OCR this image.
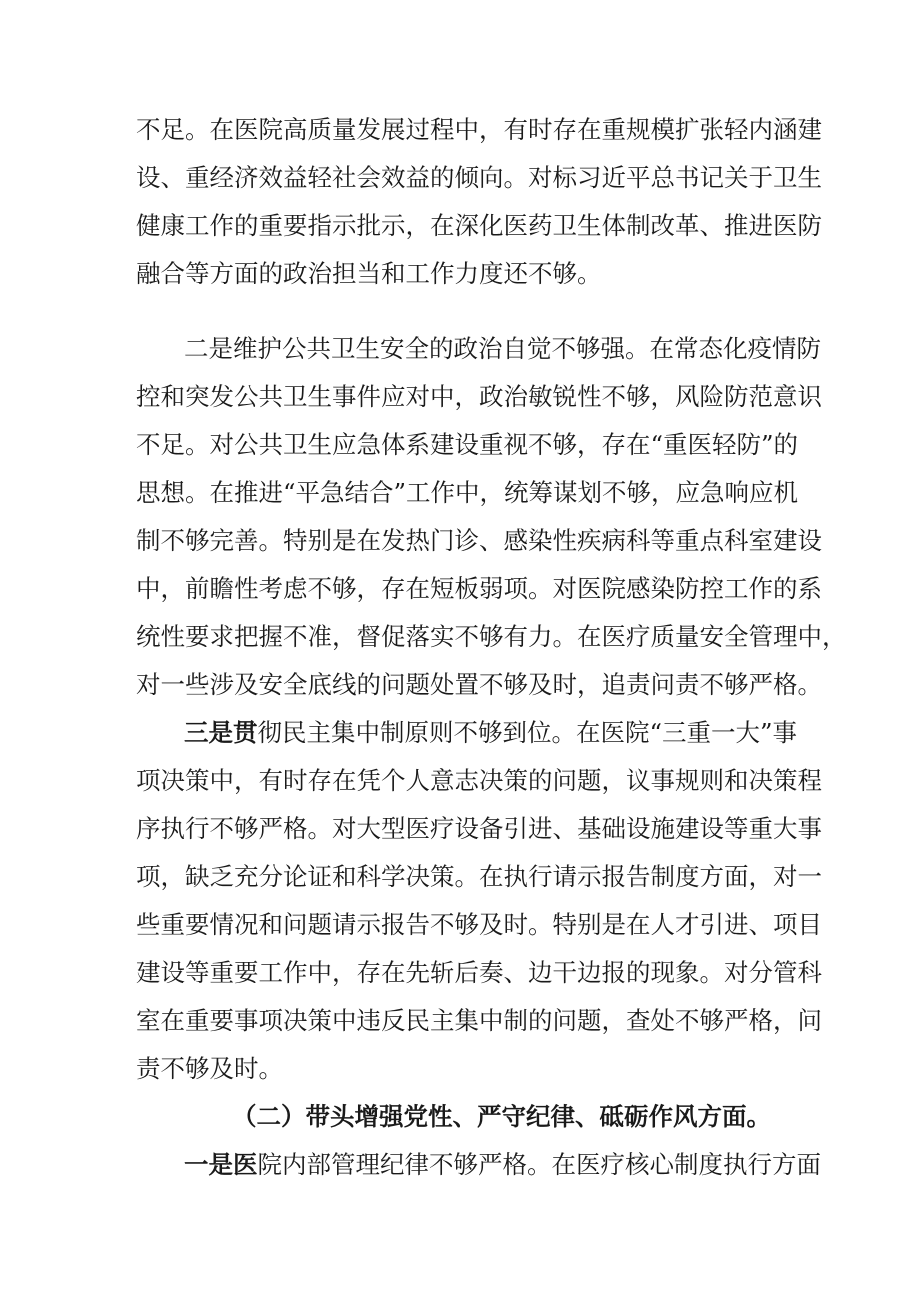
不足。在医院高质量发展过程中，有时存在重规模扩张轻内涵建
设、重经济效益轻社会效益的倾向。对标习近平总书记关于卫生
健康工作的重要指示批示，在深化医药卫生体制改革、推进医防
融合等方面的政治担当和工作力度还不够。
二是维护公共卫生安全的政治自觉不够强。在常态化疫情防
控和突发公共卫生事件应对中，政治敏锐性不够，风险防范意识
不足。对公共卫生应急体系建设重视不够，存在“重医轻防”的
思想。在推进“平急结合”工作中，统筹谋划不够，应急响应机
制不够完善。特别是在发热门诊、感染性疾病科等重点科室建设
中，前瞻性考虑不够，存在短板弱项。对医院感染防控工作的系
统性要求把握不准，督促落实不够有力。在医疗质量安全管理中，
对一些涉及安全底线的问题处置不够及时，追责问责不够严格。
三是贯彻民主集中制原则不够到位。在医院“三重一大”事
项决策中，有时存在凭个人意志决策的问题，议事规则和决策程
序执行不够严格。对大型医疗设备引进、基础设施建设等重大事
项，缺乏充分论证和科学决策。在执行请示报告制度方面，对一
些重要情况和问题请示报告不够及时。特别是在人才引进、项目
建设等重要工作中，存在先斩后奏、边干边报的现象。对分管科
室在重要事项决策中违反民主集中制的问题，查处不够严格，问
责不够及时。
（二）带头增强党性、严守纪律、砥砺作风方面。
一是医院内部管理纪律不够严格。在医疗核心制度执行方面
